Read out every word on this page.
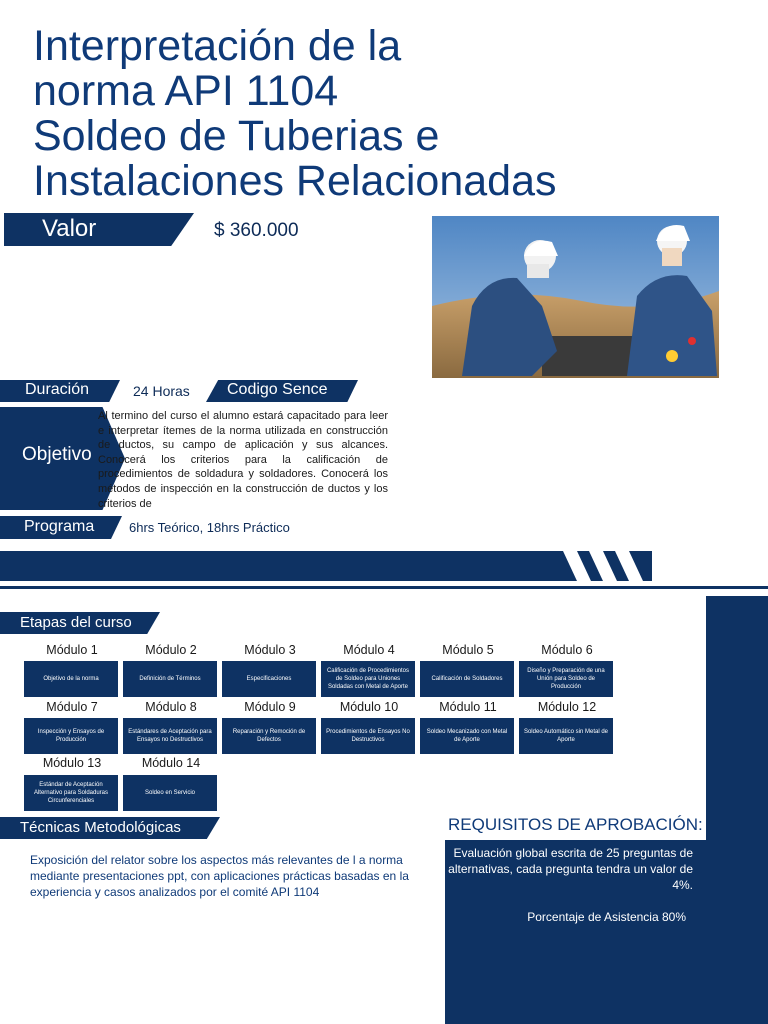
Interpretación de la
norma API 1104
Soldeo de Tuberias e
Instalaciones Relacionadas
Valor	$ 360.000
Duración	24 Horas Codigo Sence
Objetivo
Al termino del curso el alumno estará capacitado para leer e interpretar ítemes de la norma utilizada en construcción de ductos, su campo de aplicación y sus alcances. Conocerá los criterios para la calificación de procedimientos de soldadura y soldadores. Conocerá los métodos de inspección en la construcción de ductos y los criterios de
Programa	6hrs Teórico, 18hrs Práctico
Etapas del curso
Módulo 1
Objetivo de la norma
Módulo 2
Definición de Términos
Módulo 3
Especificaciones
Módulo 4
Calificación de Procedimientos de Soldeo para Uniones Soldadas con Metal de Aporte
Módulo 5
Calificación de Soldadores
Módulo 6
Diseño y Preparación de una Unión para Soldeo de Producción
Módulo 7
Inspección y Ensayos de Producción
Módulo 8
Estándares de Aceptación para Ensayos no Destructivos
Módulo 9
Reparación y Remoción de Defectos
Módulo 10
Procedimientos de Ensayos No Destructivos
Módulo 11
Soldeo Mecanizado con Metal de Aporte
Módulo 12
Soldeo Automático sin Metal de Aporte
Módulo 13
Estándar de Aceptación Alternativo para Soldaduras Circunferenciales
Módulo 14
Soldeo en Servicio
Técnicas Metodológicas
Exposición del relator sobre los aspectos más relevantes de l a norma mediante presentaciones ppt, con aplicaciones prácticas basadas en la experiencia y casos analizados por el comité API 1104
REQUISITOS DE APROBACIÓN:
Evaluación global escrita de 25 preguntas de alternativas, cada pregunta tendra un valor de 4%.
Porcentaje de Asistencia 80%
